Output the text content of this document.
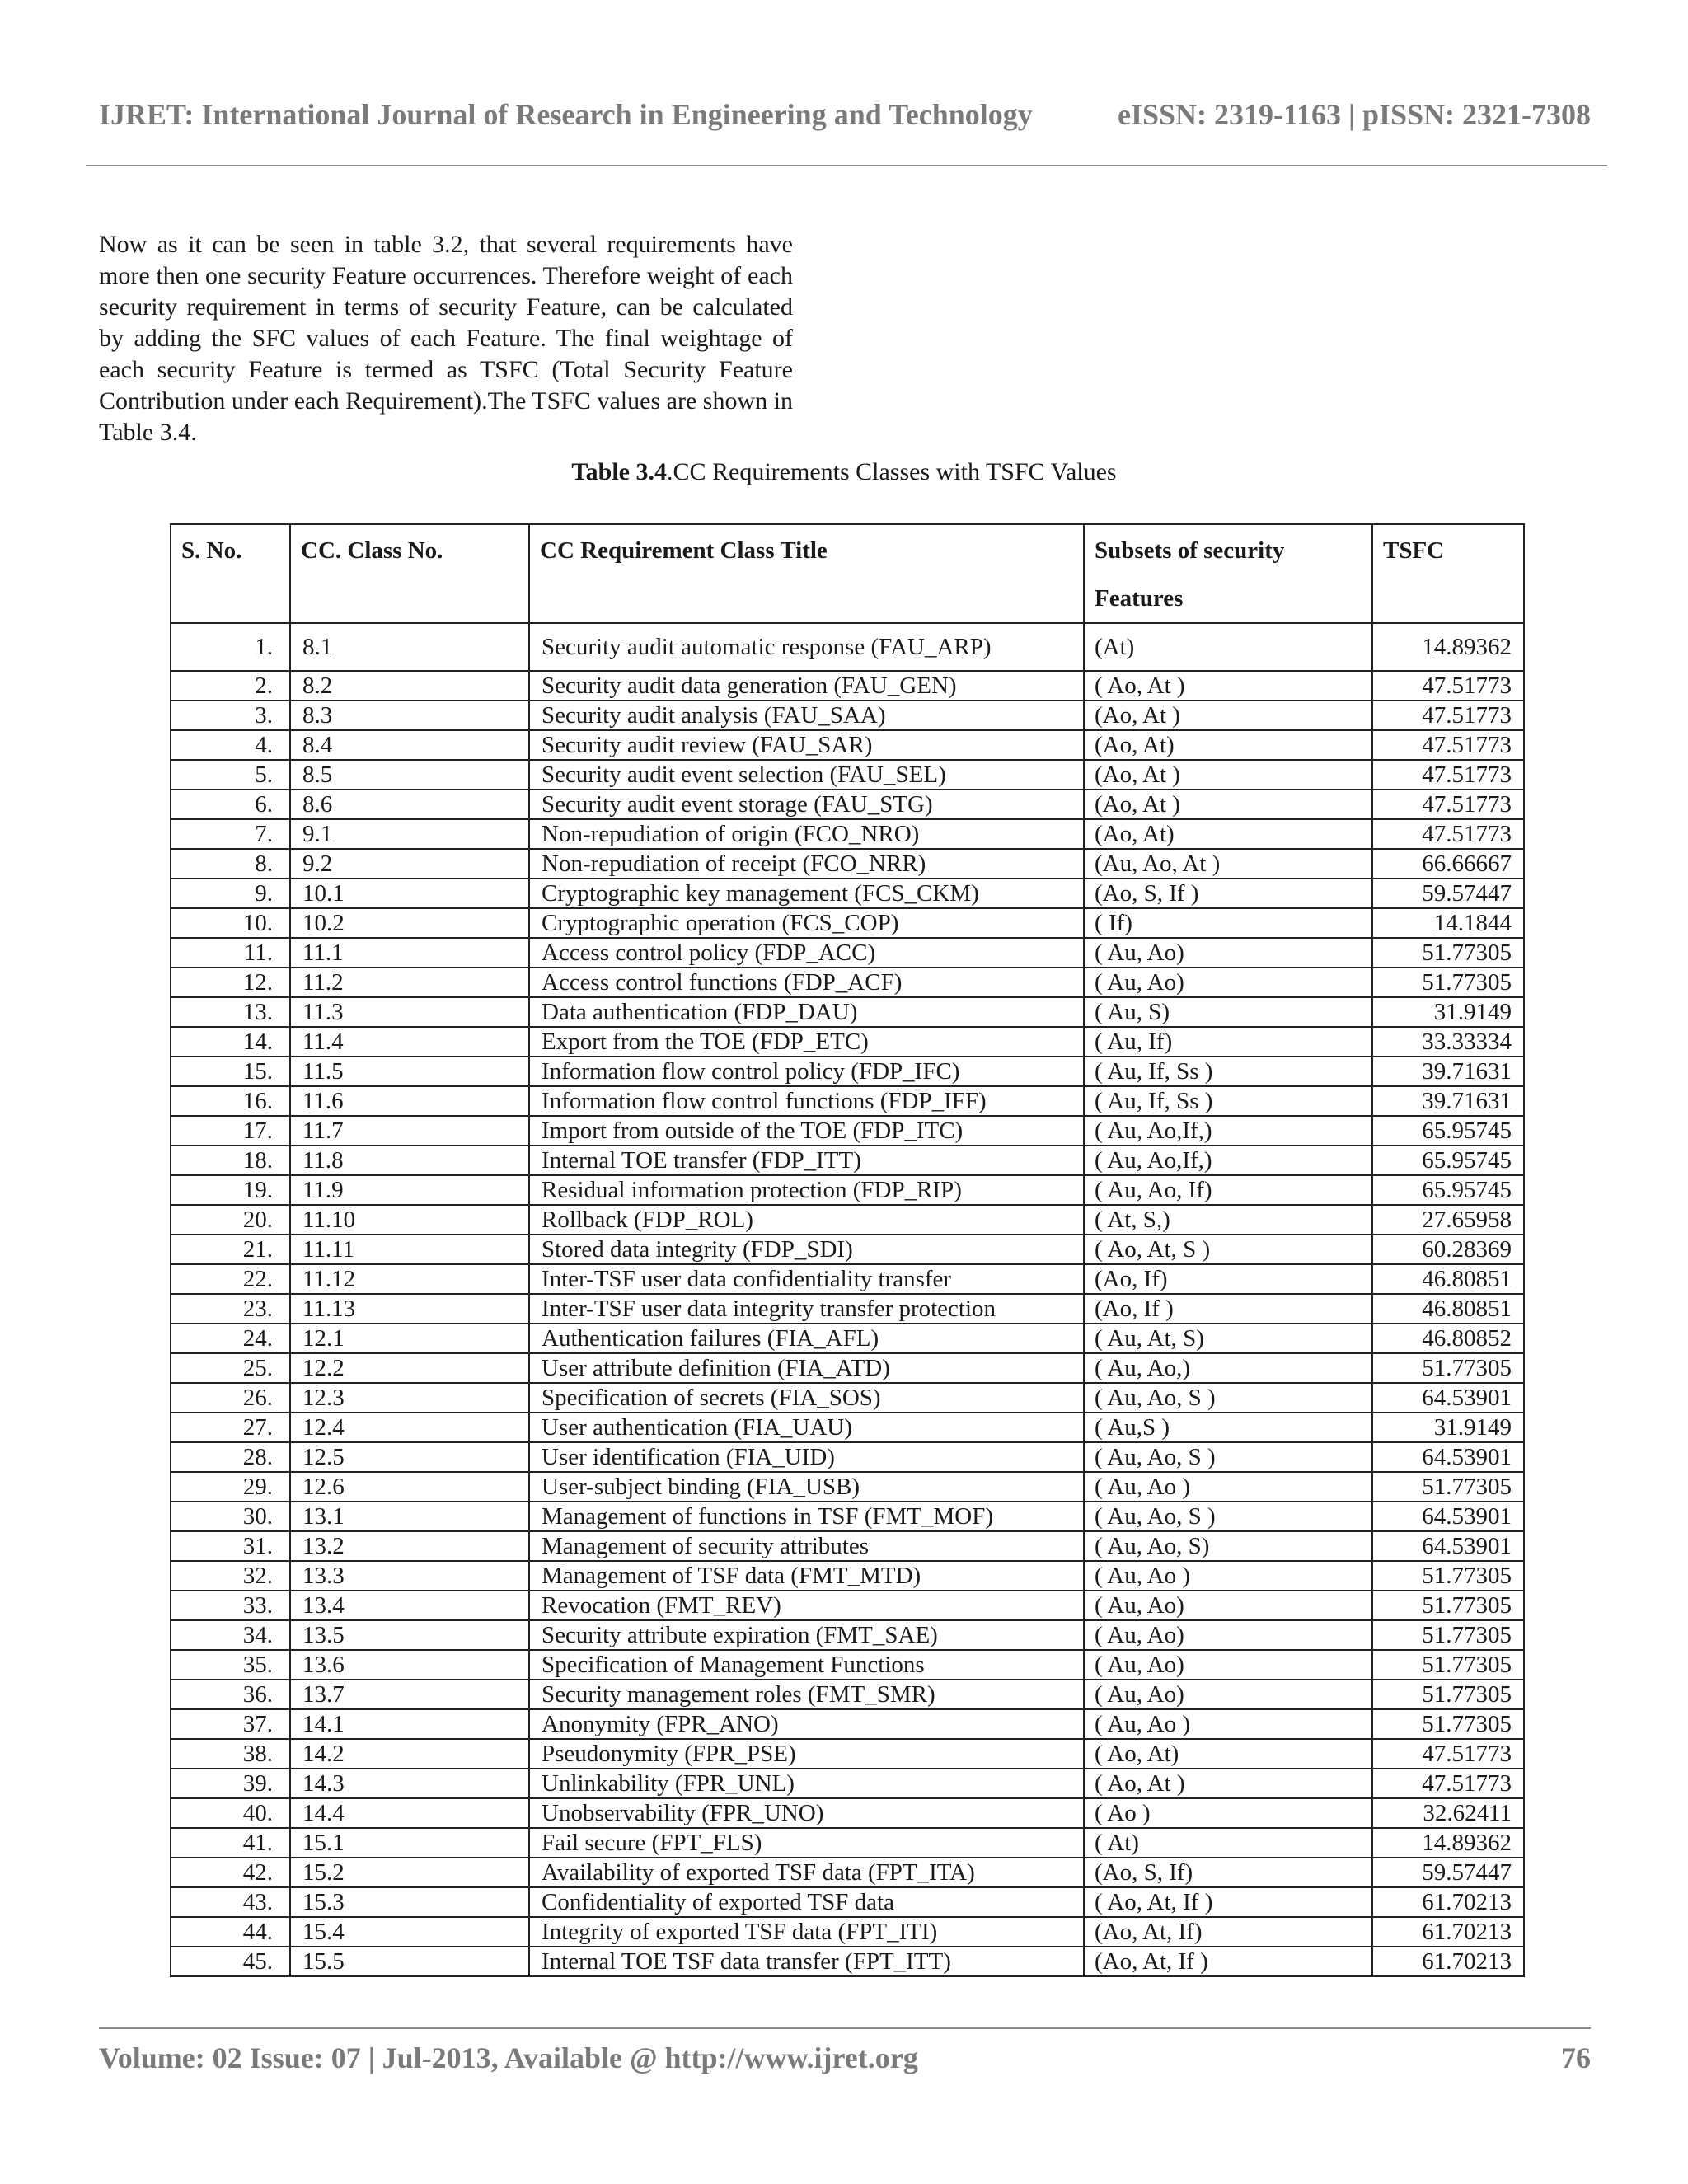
IJRET: International Journal of Research in Engineering and Technology	eISSN: 2319-1163 | pISSN: 2321-7308

Now as it can be seen in table 3.2, that several requirements have more then one security Feature occurrences. Therefore weight of each security requirement in terms of security Feature, can be calculated by adding the SFC values of each Feature. The final weightage of each security Feature is termed as TSFC (Total Security Feature Contribution under each Requirement).The TSFC values are shown in Table 3.4.

Table 3.4.CC Requirements Classes with TSFC Values
S. No.	CC. Class No.	CC Requirement Class Title	Subsets of security Features	TSFC
1.	8.1	Security audit automatic response (FAU_ARP)	(At)	14.89362
2.	8.2	Security audit data generation (FAU_GEN)	( Ao, At )	47.51773
3.	8.3	Security audit analysis (FAU_SAA)	(Ao, At )	47.51773
4.	8.4	Security audit review (FAU_SAR)	(Ao, At)	47.51773
5.	8.5	Security audit event selection (FAU_SEL)	(Ao, At )	47.51773
6.	8.6	Security audit event storage (FAU_STG)	(Ao, At )	47.51773
7.	9.1	Non-repudiation of origin (FCO_NRO)	(Ao, At)	47.51773
8.	9.2	Non-repudiation of receipt (FCO_NRR)	(Au, Ao, At )	66.66667
9.	10.1	Cryptographic key management (FCS_CKM)	(Ao, S, If )	59.57447
10.	10.2	Cryptographic operation (FCS_COP)	( If)	14.1844
11.	11.1	Access control policy (FDP_ACC)	( Au, Ao)	51.77305
12.	11.2	Access control functions (FDP_ACF)	( Au, Ao)	51.77305
13.	11.3	Data authentication (FDP_DAU)	( Au, S)	31.9149
14.	11.4	Export from the TOE (FDP_ETC)	( Au, If)	33.33334
15.	11.5	Information flow control policy (FDP_IFC)	( Au, If, Ss )	39.71631
16.	11.6	Information flow control functions (FDP_IFF)	( Au, If, Ss )	39.71631
17.	11.7	Import from outside of the TOE (FDP_ITC)	( Au, Ao,If,)	65.95745
18.	11.8	Internal TOE transfer (FDP_ITT)	( Au, Ao,If,)	65.95745
19.	11.9	Residual information protection (FDP_RIP)	( Au, Ao, If)	65.95745
20.	11.10	Rollback (FDP_ROL)	( At, S,)	27.65958
21.	11.11	Stored data integrity (FDP_SDI)	( Ao, At, S )	60.28369
22.	11.12	Inter-TSF user data confidentiality transfer	(Ao, If)	46.80851
23.	11.13	Inter-TSF user data integrity transfer protection	(Ao, If )	46.80851
24.	12.1	Authentication failures (FIA_AFL)	( Au, At, S)	46.80852
25.	12.2	User attribute definition (FIA_ATD)	( Au, Ao,)	51.77305
26.	12.3	Specification of secrets (FIA_SOS)	( Au, Ao, S )	64.53901
27.	12.4	User authentication (FIA_UAU)	( Au,S )	31.9149
28.	12.5	User identification (FIA_UID)	( Au, Ao, S )	64.53901
29.	12.6	User-subject binding (FIA_USB)	( Au, Ao )	51.77305
30.	13.1	Management of functions in TSF (FMT_MOF)	( Au, Ao, S )	64.53901
31.	13.2	Management of security attributes	( Au, Ao, S)	64.53901
32.	13.3	Management of TSF data (FMT_MTD)	( Au, Ao )	51.77305
33.	13.4	Revocation (FMT_REV)	( Au, Ao)	51.77305
34.	13.5	Security attribute expiration (FMT_SAE)	( Au, Ao)	51.77305
35.	13.6	Specification of Management Functions	( Au, Ao)	51.77305
36.	13.7	Security management roles (FMT_SMR)	( Au, Ao)	51.77305
37.	14.1	Anonymity (FPR_ANO)	( Au, Ao )	51.77305
38.	14.2	Pseudonymity (FPR_PSE)	( Ao, At)	47.51773
39.	14.3	Unlinkability (FPR_UNL)	( Ao, At )	47.51773
40.	14.4	Unobservability (FPR_UNO)	( Ao )	32.62411
41.	15.1	Fail secure (FPT_FLS)	( At)	14.89362
42.	15.2	Availability of exported TSF data (FPT_ITA)	(Ao, S, If)	59.57447
43.	15.3	Confidentiality of exported TSF data	( Ao, At, If )	61.70213
44.	15.4	Integrity of exported TSF data (FPT_ITI)	(Ao, At, If)	61.70213
45.	15.5	Internal TOE TSF data transfer (FPT_ITT)	(Ao, At, If )	61.70213
Volume: 02 Issue: 07 | Jul-2013, Available @ http://www.ijret.org	76
